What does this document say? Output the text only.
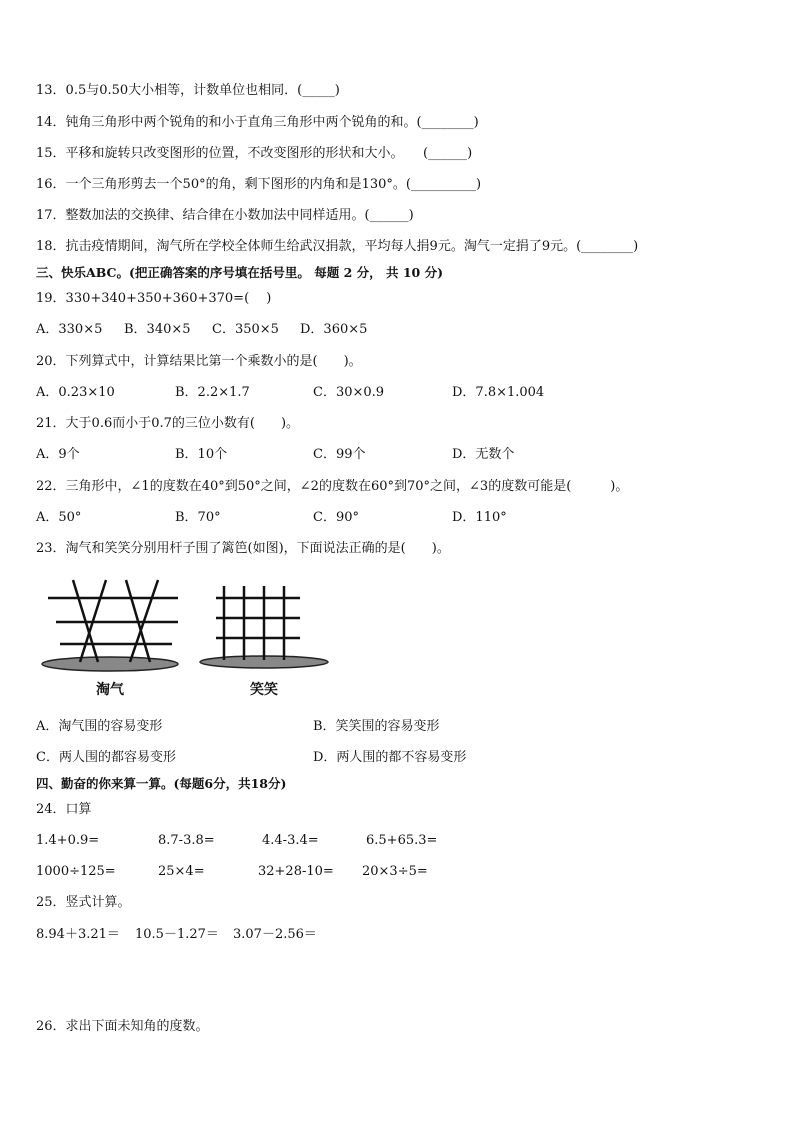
13．0.5与0.50大小相等，计数单位也相同．(_____)
14．钝角三角形中两个锐角的和小于直角三角形中两个锐角的和。(________)
15．平移和旋转只改变图形的位置，不改变图形的形状和大小。　　(______)
16．一个三角形剪去一个50°的角，剩下图形的内角和是130°。(__________)
17．整数加法的交换律、结合律在小数加法中同样适用。(______)
18．抗击疫情期间，淘气所在学校全体师生给武汉捐款，平均每人捐9元。淘气一定捐了9元。(________)
三、快乐ABC。(把正确答案的序号填在括号里。 每题 2 分， 共 10 分)
19．330+340+350+360+370=(　 )
A．330×5 B．340×5 C．350×5 D．360×5
20．下列算式中，计算结果比第一个乘数小的是(　　)。
A．0.23×10	B．2.2×1.7	C．30×0.9	D．7.8×1.004
21．大于0.6而小于0.7的三位小数有(　　)。
A．9个	B．10个	C．99个	D．无数个
22．三角形中，∠1的度数在40°到50°之间，∠2的度数在60°到70°之间，∠3的度数可能是(　　　)。
A．50°	B．70°	C．90°	D．110°
23．淘气和笑笑分别用杆子围了篱笆(如图)，下面说法正确的是(　　)。
淘气	笑笑
A．淘气围的容易变形	B．笑笑围的容易变形
C．两人围的都容易变形	D．两人围的都不容易变形
四、勤奋的你来算一算。(每题6分，共18分)
24．口算
1.4+0.9=	8.7-3.8=	4.4-3.4=	6.5+65.3=
1000÷125=	25×4=	32+28-10= 20×3÷5=
25．竖式计算。
8.94＋3.21＝ 10.5－1.27＝ 3.07－2.56＝
26．求出下面未知角的度数。
